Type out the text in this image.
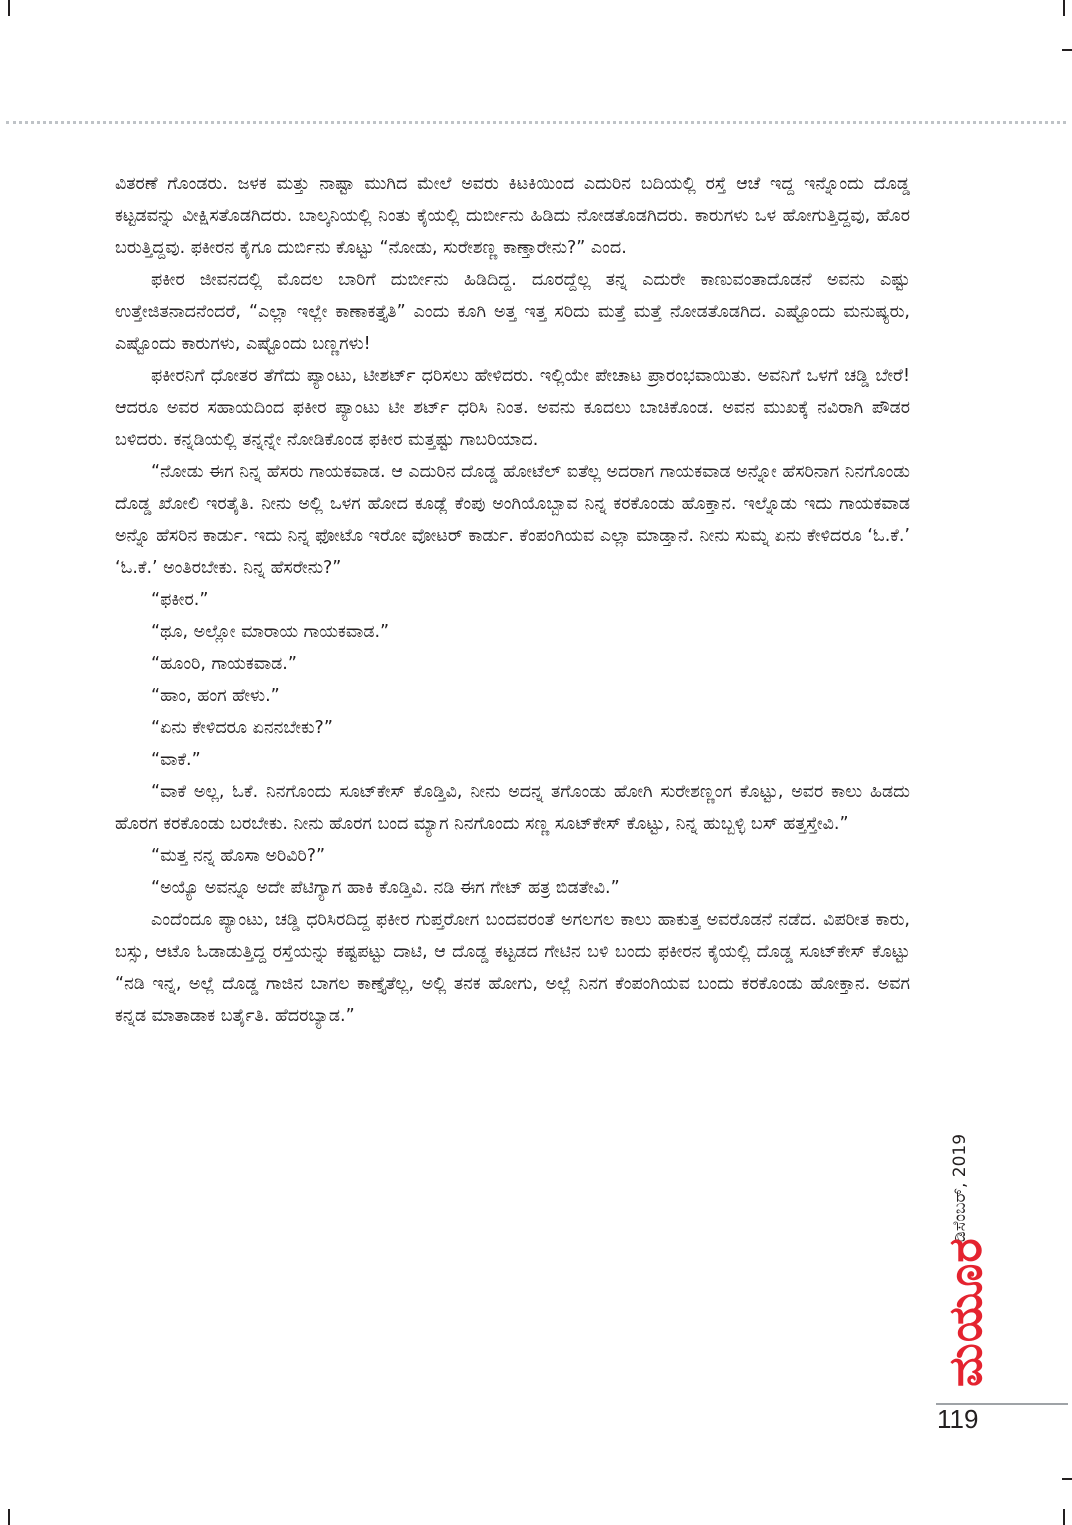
ವಿತರಣೆ ಗೊಂಡರು. ಜಳಕ ಮತ್ತು ನಾಷ್ಟಾ ಮುಗಿದ ಮೇಲೆ ಅವರು ಕಿಟಕಿಯಿಂದ ಎದುರಿನ ಬದಿಯಲ್ಲಿ ರಸ್ತೆ ಆಚೆ ಇದ್ದ ಇನ್ನೊಂದು ದೊಡ್ಡ ಕಟ್ಟಡವನ್ನು ವೀಕ್ಷಿಸತೊಡಗಿದರು. ಬಾಲ್ಕನಿಯಲ್ಲಿ ನಿಂತು ಕೈಯಲ್ಲಿ ದುರ್ಬೀನು ಹಿಡಿದು ನೋಡತೊಡಗಿದರು. ಕಾರುಗಳು ಒಳ ಹೋಗುತ್ತಿದ್ದವು, ಹೊರ ಬರುತ್ತಿದ್ದವು. ಫಕೀರನ ಕೈಗೂ ದುರ್ಬಿನು ಕೊಟ್ಟು “ನೋಡು, ಸುರೇಶಣ್ಣ ಕಾಣ್ತಾರೇನು?” ಎಂದ.

ಫಕೀರ ಜೀವನದಲ್ಲಿ ಮೊದಲ ಬಾರಿಗೆ ದುರ್ಬೀನು ಹಿಡಿದಿದ್ದ. ದೂರದ್ದೆಲ್ಲ ತನ್ನ ಎದುರೇ ಕಾಣುವಂತಾದೊಡನೆ ಅವನು ಎಷ್ಟು ಉತ್ತೇಜಿತನಾದನೆಂದರೆ, “ಎಲ್ಲಾ ಇಲ್ಲೇ ಕಾಣಾಕತ್ತೈತಿ” ಎಂದು ಕೂಗಿ ಅತ್ತ ಇತ್ತ ಸರಿದು ಮತ್ತೆ ಮತ್ತೆ ನೋಡತೊಡಗಿದ. ಎಷ್ಟೊಂದು ಮನುಷ್ಯರು, ಎಷ್ಟೊಂದು ಕಾರುಗಳು, ಎಷ್ಟೊಂದು ಬಣ್ಣಗಳು!

ಫಕೀರನಿಗೆ ಧೋತರ ತೆಗೆದು ಪ್ಯಾಂಟು, ಟೀಶರ್ಟ್ ಧರಿಸಲು ಹೇಳಿದರು. ಇಲ್ಲಿಯೇ ಪೇಚಾಟ ಪ್ರಾರಂಭವಾಯಿತು. ಅವನಿಗೆ ಒಳಗೆ ಚಡ್ಡಿ ಬೇರೆ! ಆದರೂ ಅವರ ಸಹಾಯದಿಂದ ಫಕೀರ ಪ್ಯಾಂಟು ಟೀ ಶರ್ಟ್ ಧರಿಸಿ ನಿಂತ. ಅವನು ಕೂದಲು ಬಾಚಿಕೊಂಡ. ಅವನ ಮುಖಕ್ಕೆ ನವಿರಾಗಿ ಪೌಡರ ಬಳಿದರು. ಕನ್ನಡಿಯಲ್ಲಿ ತನ್ನನ್ನೇ ನೋಡಿಕೊಂಡ ಫಕೀರ ಮತ್ತಷ್ಟು ಗಾಬರಿಯಾದ.

“ನೋಡು ಈಗ ನಿನ್ನ ಹೆಸರು ಗಾಯಕವಾಡ. ಆ ಎದುರಿನ ದೊಡ್ಡ ಹೋಟೆಲ್ ಐತೆಲ್ಲ ಅದರಾಗ ಗಾಯಕವಾಡ ಅನ್ನೋ ಹೆಸರಿನಾಗ ನಿನಗೊಂಡು ದೊಡ್ಡ ಖೋಲಿ ಇರತೈತಿ. ನೀನು ಅಲ್ಲಿ ಒಳಗ ಹೋದ ಕೂಡ್ಲೆ ಕೆಂಪು ಅಂಗಿಯೊಬ್ಬಾವ ನಿನ್ನ ಕರಕೊಂಡು ಹೊಕ್ತಾನ. ಇಲ್ನೊಡು ಇದು ಗಾಯಕವಾಡ ಅನ್ನೊ ಹೆಸರಿನ ಕಾರ್ಡು. ಇದು ನಿನ್ನ ಫೋಟೊ ಇರೋ ವೋಟರ್ ಕಾರ್ಡು. ಕೆಂಪಂಗಿಯವ ಎಲ್ಲಾ ಮಾಡ್ತಾನೆ. ನೀನು ಸುಮ್ನ ಏನು ಕೇಳಿದರೂ ‘ಓ.ಕೆ.’ ‘ಓ.ಕೆ.’ ಅಂತಿರಬೇಕು. ನಿನ್ನ ಹೆಸರೇನು?”

“ಫಕೀರ.”

“ಥೂ, ಅಲ್ಲೋ ಮಾರಾಯ ಗಾಯಕವಾಡ.”

“ಹೂಂರಿ, ಗಾಯಕವಾಡ.”

“ಹಾಂ, ಹಂಗ ಹೇಳು.”

“ಏನು ಕೇಳಿದರೂ ಏನನಬೇಕು?”

“ವಾಕೆ.”

“ವಾಕೆ ಅಲ್ಲ, ಓಕೆ. ನಿನಗೊಂದು ಸೂಟ್‌ಕೇಸ್ ಕೊಡ್ತಿವಿ, ನೀನು ಅದನ್ನ ತಗೊಂಡು ಹೋಗಿ ಸುರೇಶಣ್ಣಂಗ ಕೊಟ್ಟು, ಅವರ ಕಾಲು ಹಿಡದು ಹೊರಗ ಕರಕೊಂಡು ಬರಬೇಕು. ನೀನು ಹೊರಗ ಬಂದ ಮ್ಯಾಗ ನಿನಗೊಂದು ಸಣ್ಣ ಸೂಟ್‌ಕೇಸ್ ಕೊಟ್ಟು, ನಿನ್ನ ಹುಬ್ಬಳ್ಳಿ ಬಸ್ ಹತ್ತಸ್ತೇವಿ.”

“ಮತ್ತ ನನ್ನ ಹೊಸಾ ಅರಿವಿರಿ?”

“ಅಯ್ಯೊ ಅವನ್ನೂ ಅದೇ ಪೆಟಿಗ್ಯಾಗ ಹಾಕಿ ಕೊಡ್ತಿವಿ. ನಡಿ ಈಗ ಗೇಟ್ ಹತ್ರ ಬಿಡತೇವಿ.”

ಎಂದೆಂದೂ ಪ್ಯಾಂಟು, ಚಡ್ಡಿ ಧರಿಸಿರದಿದ್ದ ಫಕೀರ ಗುಪ್ತರೋಗ ಬಂದವರಂತೆ ಅಗಲಗಲ ಕಾಲು ಹಾಕುತ್ತ ಅವರೊಡನೆ ನಡೆದ. ವಿಪರೀತ ಕಾರು, ಬಸ್ಸು, ಆಟೊ ಓಡಾಡುತ್ತಿದ್ದ ರಸ್ತೆಯನ್ನು ಕಷ್ಟಪಟ್ಟು ದಾಟಿ, ಆ ದೊಡ್ಡ ಕಟ್ಟಡದ ಗೇಟಿನ ಬಳಿ ಬಂದು ಫಕೀರನ ಕೈಯಲ್ಲಿ ದೊಡ್ಡ ಸೂಟ್‌ಕೇಸ್ ಕೊಟ್ಟು “ನಡಿ ಇನ್ನ, ಅಲ್ಲೆ ದೊಡ್ಡ ಗಾಜಿನ ಬಾಗಲ ಕಾಣ್ತೈತೆಲ್ಲ, ಅಲ್ಲಿ ತನಕ ಹೋಗು, ಅಲ್ಲೆ ನಿನಗ ಕೆಂಪಂಗಿಯವ ಬಂದು ಕರಕೊಂಡು ಹೋಕ್ತಾನ. ಅವಗ ಕನ್ನಡ ಮಾತಾಡಾಕ ಬರ್ತೈತಿ. ಹೆದರಬ್ಯಾಡ.”

ಡಿಸೆಂಬರ್, 2019
ಮಯೂರ
119
